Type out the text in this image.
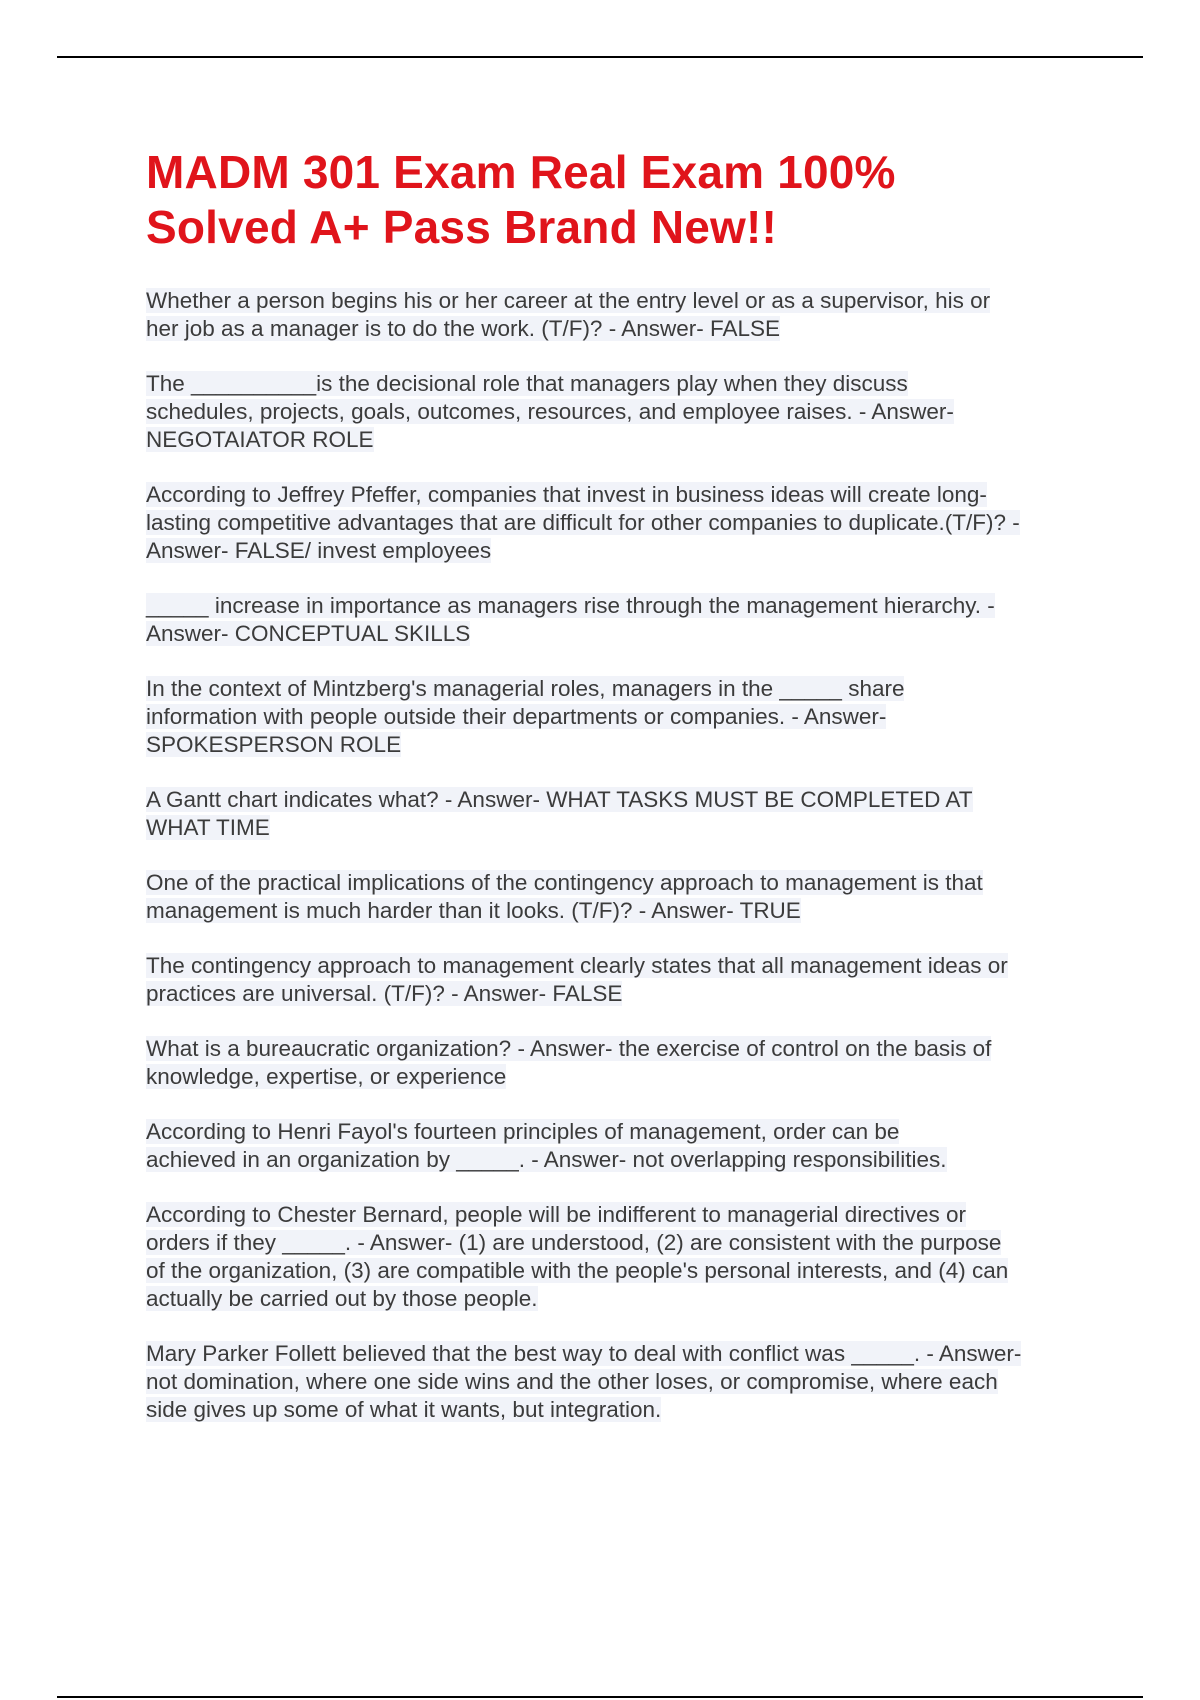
MADM 301 Exam Real Exam 100%
Solved A+ Pass Brand New!!
Whether a person begins his or her career at the entry level or as a supervisor, his or
her job as a manager is to do the work. (T/F)? - Answer- FALSE
The __________is the decisional role that managers play when they discuss
schedules, projects, goals, outcomes, resources, and employee raises. - Answer-
NEGOTAIATOR ROLE
According to Jeffrey Pfeffer, companies that invest in business ideas will create long-
lasting competitive advantages that are difficult for other companies to duplicate.(T/F)? -
Answer- FALSE/ invest employees
_____ increase in importance as managers rise through the management hierarchy. -
Answer- CONCEPTUAL SKILLS
In the context of Mintzberg's managerial roles, managers in the _____ share
information with people outside their departments or companies. - Answer-
SPOKESPERSON ROLE
A Gantt chart indicates what? - Answer- WHAT TASKS MUST BE COMPLETED AT
WHAT TIME
One of the practical implications of the contingency approach to management is that
management is much harder than it looks. (T/F)? - Answer- TRUE
The contingency approach to management clearly states that all management ideas or
practices are universal. (T/F)? - Answer- FALSE
What is a bureaucratic organization? - Answer- the exercise of control on the basis of
knowledge, expertise, or experience
According to Henri Fayol's fourteen principles of management, order can be
achieved in an organization by _____. - Answer- not overlapping responsibilities.
According to Chester Bernard, people will be indifferent to managerial directives or
orders if they _____. - Answer- (1) are understood, (2) are consistent with the purpose
of the organization, (3) are compatible with the people's personal interests, and (4) can
actually be carried out by those people.
Mary Parker Follett believed that the best way to deal with conflict was _____. - Answer-
not domination, where one side wins and the other loses, or compromise, where each
side gives up some of what it wants, but integration.
